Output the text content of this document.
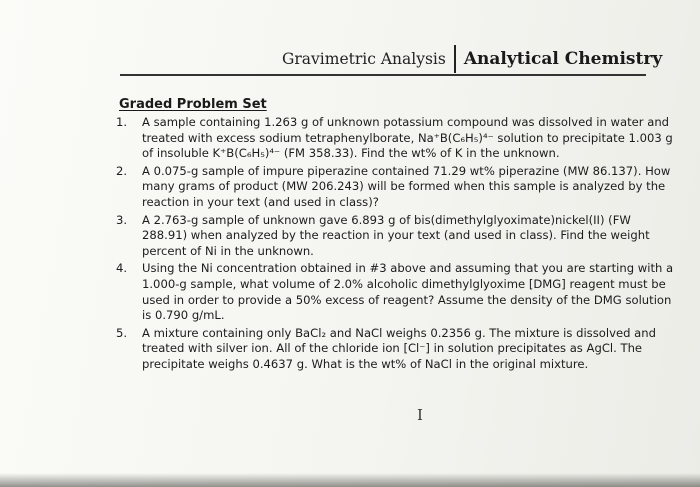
Gravimetric Analysis	Analytical Chemistry
Graded Problem Set
1.	A sample containing 1.263 g of unknown potassium compound was dissolved in water and treated with excess sodium tetraphenylborate, Na⁺B(C₆H₅)⁴⁻ solution to precipitate 1.003 g of insoluble K⁺B(C₆H₅)⁴⁻ (FM 358.33). Find the wt% of K in the unknown.
2.	A 0.075-g sample of impure piperazine contained 71.29 wt% piperazine (MW 86.137). How many grams of product (MW 206.243) will be formed when this sample is analyzed by the reaction in your text (and used in class)?
3.	A 2.763-g sample of unknown gave 6.893 g of bis(dimethylglyoximate)nickel(II) (FW 288.91) when analyzed by the reaction in your text (and used in class). Find the weight percent of Ni in the unknown.
4.	Using the Ni concentration obtained in #3 above and assuming that you are starting with a 1.000-g sample, what volume of 2.0% alcoholic dimethylglyoxime [DMG] reagent must be used in order to provide a 50% excess of reagent? Assume the density of the DMG solution is 0.790 g/mL.
5.	A mixture containing only BaCl₂ and NaCl weighs 0.2356 g. The mixture is dissolved and treated with silver ion. All of the chloride ion [Cl⁻] in solution precipitates as AgCl. The precipitate weighs 0.4637 g. What is the wt% of NaCl in the original mixture.
I
